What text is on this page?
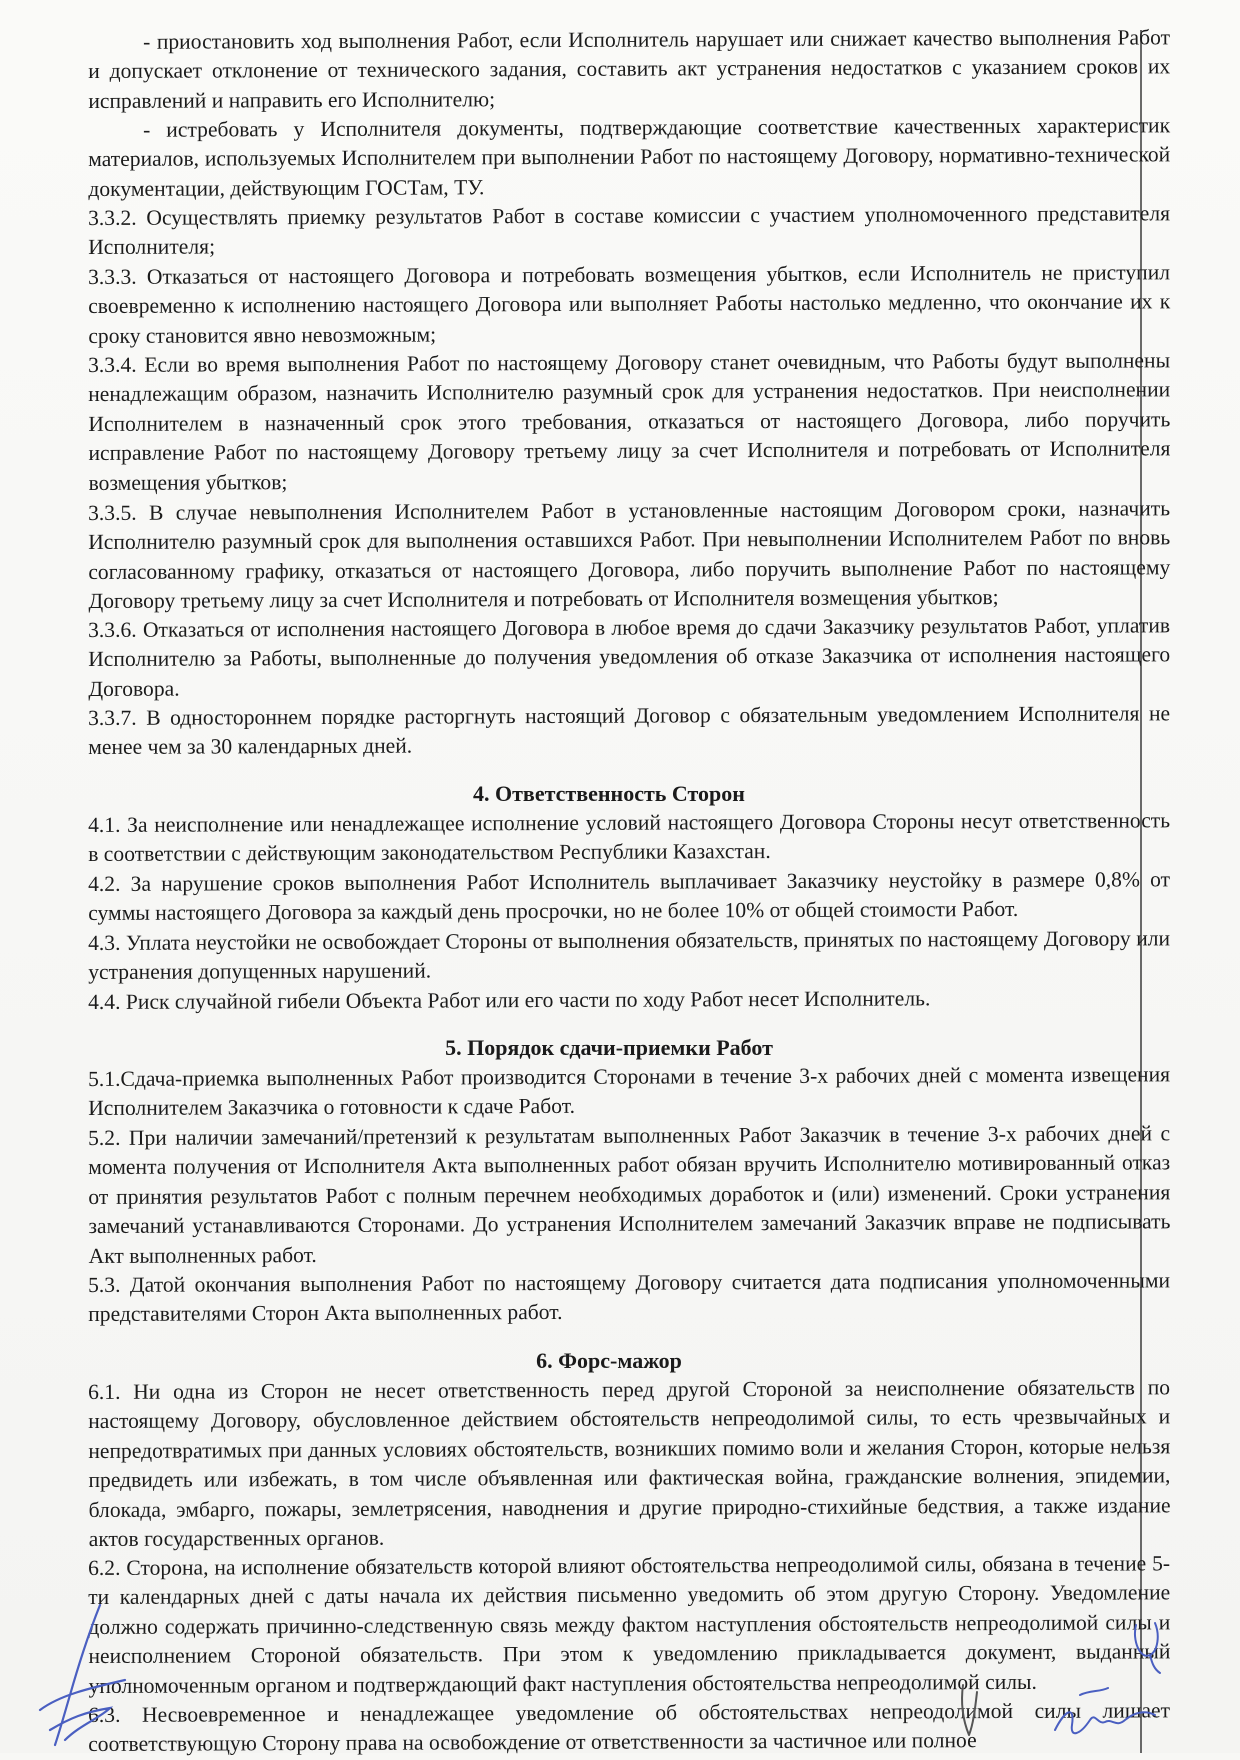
- приостановить ход выполнения Работ, если Исполнитель нарушает или снижает качество выполнения Работ и допускает отклонение от технического задания, составить акт устранения недостатков с указанием сроков их исправлений и направить его Исполнителю;

- истребовать у Исполнителя документы, подтверждающие соответствие качественных характеристик материалов, используемых Исполнителем при выполнении Работ по настоящему Договору, нормативно-технической документации, действующим ГОСТам, ТУ.

3.3.2. Осуществлять приемку результатов Работ в составе комиссии с участием уполномоченного представителя Исполнителя;

3.3.3. Отказаться от настоящего Договора и потребовать возмещения убытков, если Исполнитель не приступил своевременно к исполнению настоящего Договора или выполняет Работы настолько медленно, что окончание их к сроку становится явно невозможным;

3.3.4. Если во время выполнения Работ по настоящему Договору станет очевидным, что Работы будут выполнены ненадлежащим образом, назначить Исполнителю разумный срок для устранения недостатков. При неисполнении Исполнителем в назначенный срок этого требования, отказаться от настоящего Договора, либо поручить исправление Работ по настоящему Договору третьему лицу за счет Исполнителя и потребовать от Исполнителя возмещения убытков;

3.3.5. В случае невыполнения Исполнителем Работ в установленные настоящим Договором сроки, назначить Исполнителю разумный срок для выполнения оставшихся Работ. При невыполнении Исполнителем Работ по вновь согласованному графику, отказаться от настоящего Договора, либо поручить выполнение Работ по настоящему Договору третьему лицу за счет Исполнителя и потребовать от Исполнителя возмещения убытков;

3.3.6. Отказаться от исполнения настоящего Договора в любое время до сдачи Заказчику результатов Работ, уплатив Исполнителю за Работы, выполненные до получения уведомления об отказе Заказчика от исполнения настоящего Договора.

3.3.7. В одностороннем порядке расторгнуть настоящий Договор с обязательным уведомлением Исполнителя не менее чем за 30 календарных дней.

4. Ответственность Сторон

4.1. За неисполнение или ненадлежащее исполнение условий настоящего Договора Стороны несут ответственность в соответствии с действующим законодательством Республики Казахстан.

4.2. За нарушение сроков выполнения Работ Исполнитель выплачивает Заказчику неустойку в размере 0,8% от суммы настоящего Договора за каждый день просрочки, но не более 10% от общей стоимости Работ.

4.3. Уплата неустойки не освобождает Стороны от выполнения обязательств, принятых по настоящему Договору или устранения допущенных нарушений.

4.4. Риск случайной гибели Объекта Работ или его части по ходу Работ несет Исполнитель.

5. Порядок сдачи-приемки Работ

5.1.Сдача-приемка выполненных Работ производится Сторонами в течение 3-х рабочих дней с момента извещения Исполнителем Заказчика о готовности к сдаче Работ.

5.2. При наличии замечаний/претензий к результатам выполненных Работ Заказчик в течение 3-х рабочих дней с момента получения от Исполнителя Акта выполненных работ обязан вручить Исполнителю мотивированный отказ от принятия результатов Работ с полным перечнем необходимых доработок и (или) изменений. Сроки устранения замечаний устанавливаются Сторонами. До устранения Исполнителем замечаний Заказчик вправе не подписывать Акт выполненных работ.

5.3. Датой окончания выполнения Работ по настоящему Договору считается дата подписания уполномоченными представителями Сторон Акта выполненных работ.

6. Форс-мажор

6.1. Ни одна из Сторон не несет ответственность перед другой Стороной за неисполнение обязательств по настоящему Договору, обусловленное действием обстоятельств непреодолимой силы, то есть чрезвычайных и непредотвратимых при данных условиях обстоятельств, возникших помимо воли и желания Сторон, которые нельзя предвидеть или избежать, в том числе объявленная или фактическая война, гражданские волнения, эпидемии, блокада, эмбарго, пожары, землетрясения, наводнения и другие природно-стихийные бедствия, а также издание актов государственных органов.

6.2. Сторона, на исполнение обязательств которой влияют обстоятельства непреодолимой силы, обязана в течение 5-ти календарных дней с даты начала их действия письменно уведомить об этом другую Сторону. Уведомление должно содержать причинно-следственную связь между фактом наступления обстоятельств непреодолимой силы и неисполнением Стороной обязательств. При этом к уведомлению прикладывается документ, выданный уполномоченным органом и подтверждающий факт наступления обстоятельства непреодолимой силы.

6.3. Несвоевременное и ненадлежащее уведомление об обстоятельствах непреодолимой силы лишает соответствующую Сторону права на освобождение от ответственности за частичное или полное
